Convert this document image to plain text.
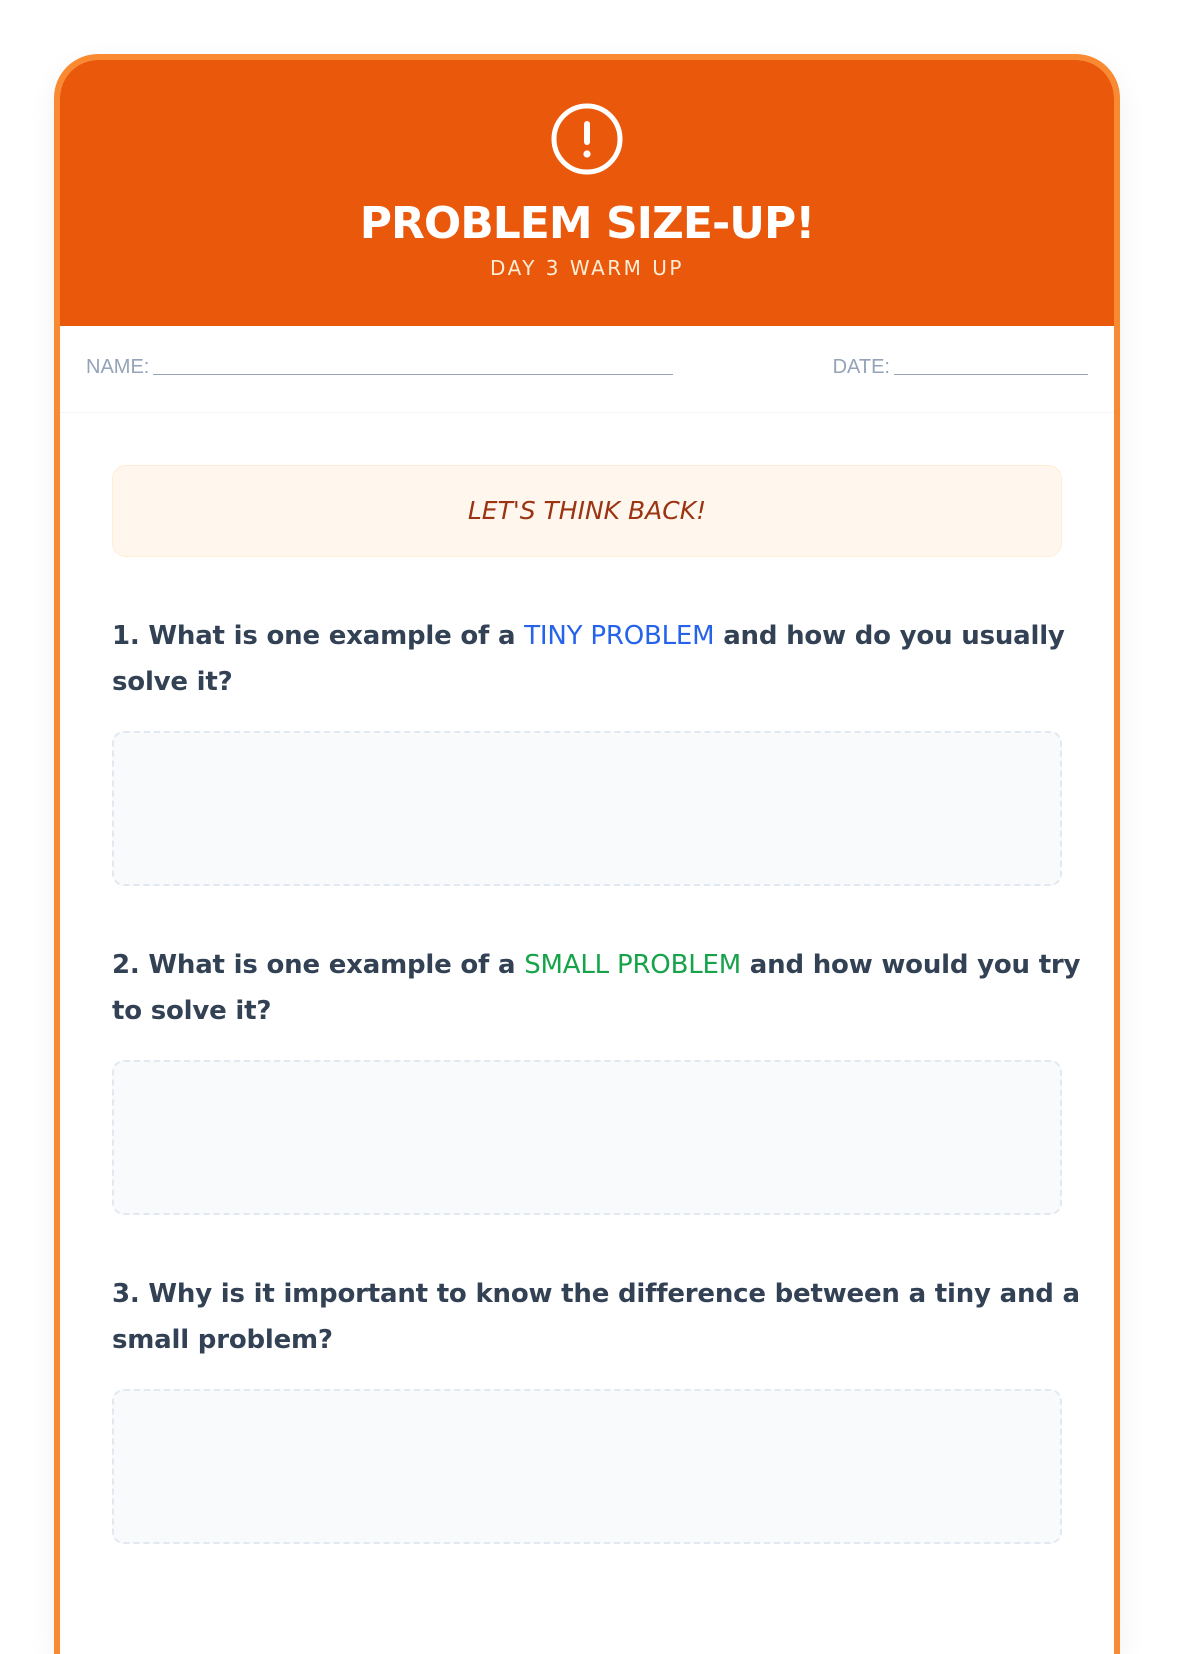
PROBLEM SIZE-UP!
DAY 3 WARM UP
NAME:	DATE:
LET'S THINK BACK!

1. What is one example of a TINY PROBLEM and how do you usually solve it?

2. What is one example of a SMALL PROBLEM and how would you try to solve it?

3. Why is it important to know the difference between a tiny and a small problem?
